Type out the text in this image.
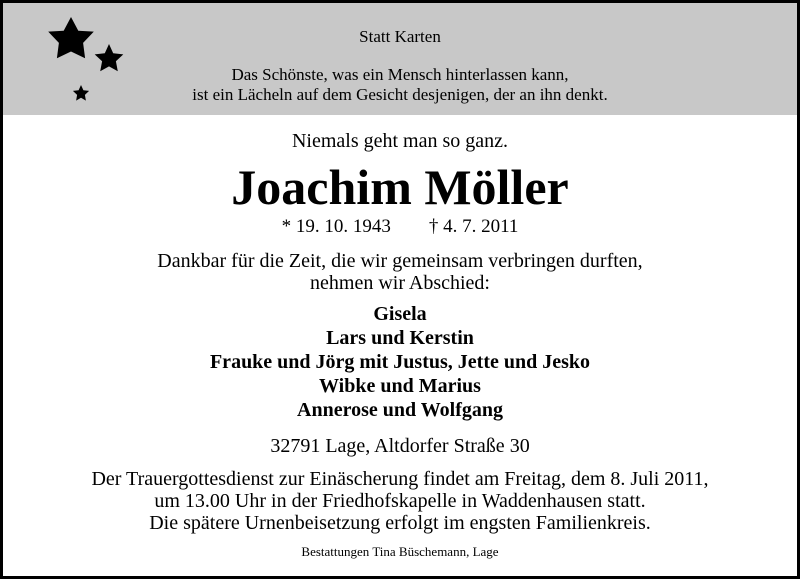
Statt Karten
Das Schönste, was ein Mensch hinterlassen kann,
ist ein Lächeln auf dem Gesicht desjenigen, der an ihn denkt.
Niemals geht man so ganz.
Joachim Möller
* 19. 10. 1943 † 4. 7. 2011
Dankbar für die Zeit, die wir gemeinsam verbringen durften,
nehmen wir Abschied:
Gisela
Lars und Kerstin
Frauke und Jörg mit Justus, Jette und Jesko
Wibke und Marius
Annerose und Wolfgang
32791 Lage, Altdorfer Straße 30
Der Trauergottesdienst zur Einäscherung findet am Freitag, dem 8. Juli 2011,
um 13.00 Uhr in der Friedhofskapelle in Waddenhausen statt.
Die spätere Urnenbeisetzung erfolgt im engsten Familienkreis.
Bestattungen Tina Büschemann, Lage
